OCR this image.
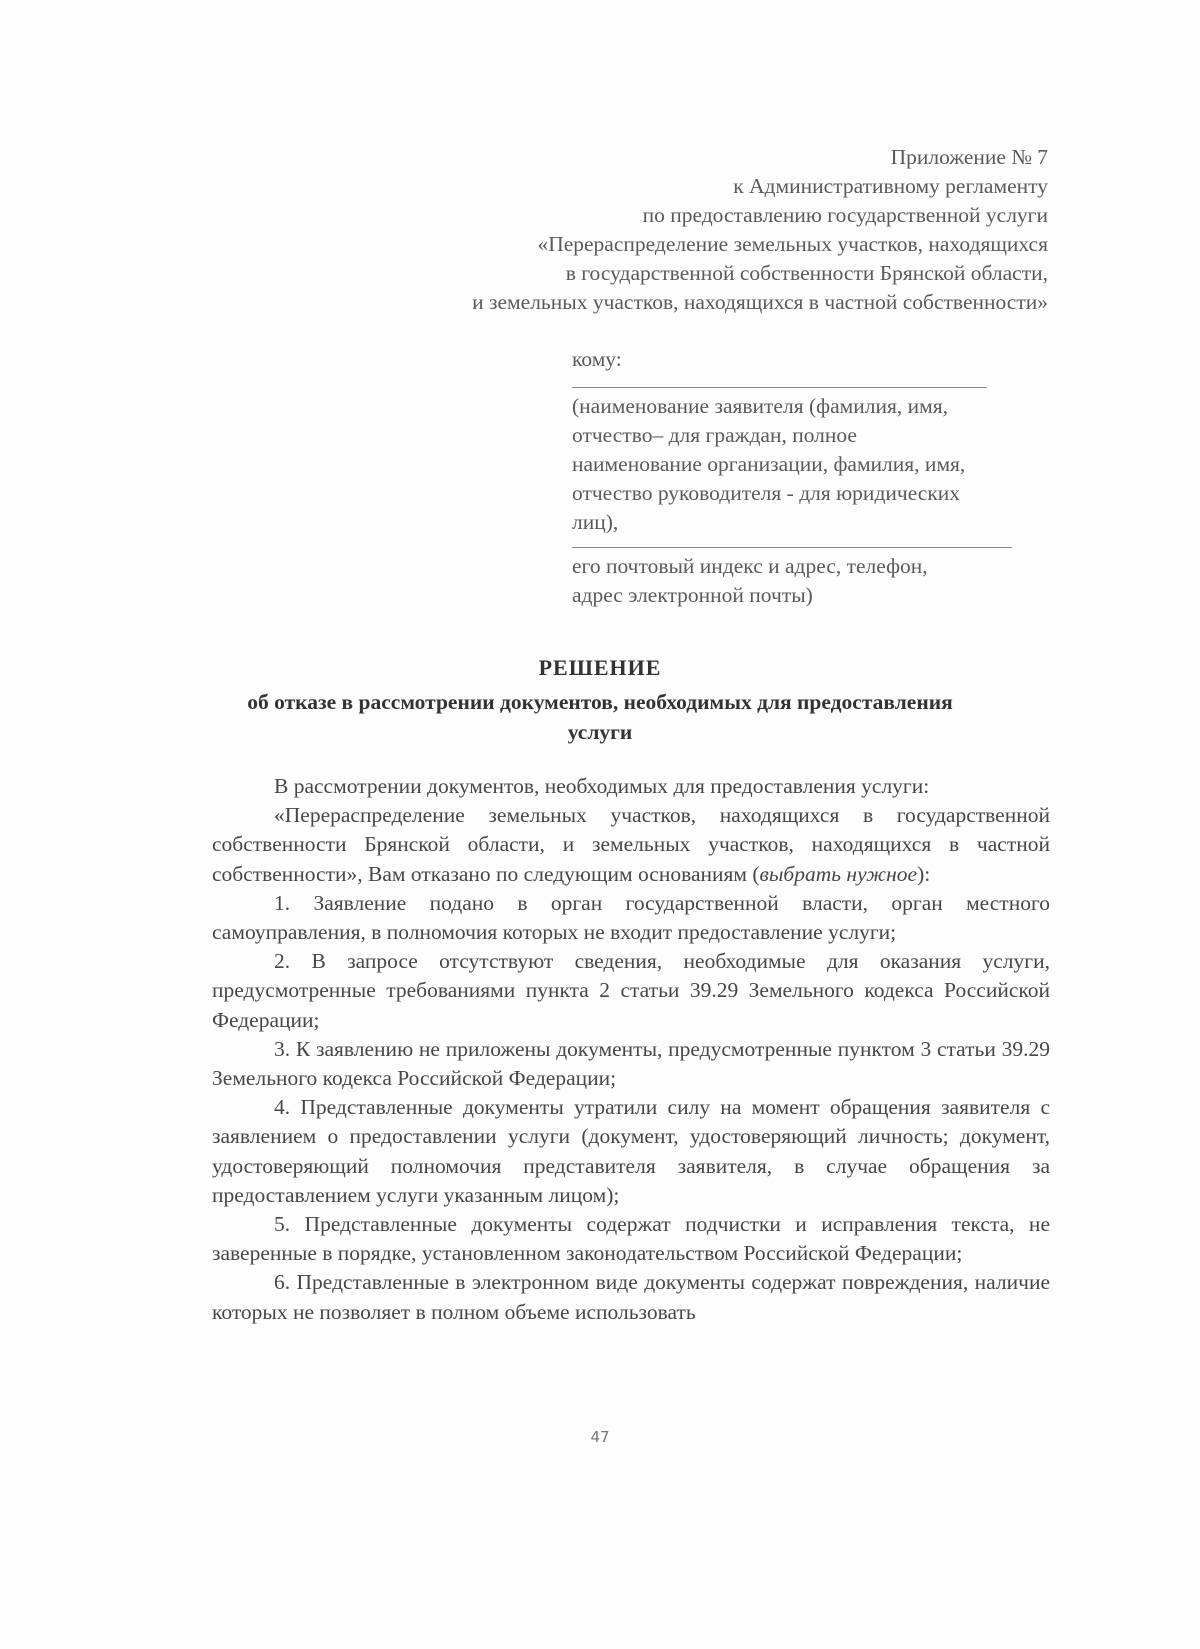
Приложение № 7
к Административному регламенту
по предоставлению государственной услуги
«Перераспределение земельных участков, находящихся
в государственной собственности Брянской области,
и земельных участков, находящихся в частной собственности»
кому:
(наименование заявителя (фамилия, имя,
отчество– для граждан, полное
наименование организации, фамилия, имя,
отчество руководителя - для юридических
лиц),
его почтовый индекс и адрес, телефон,
адрес электронной почты)
РЕШЕНИЕ
об отказе в рассмотрении документов, необходимых для предоставления
услуги

В рассмотрении документов, необходимых для предоставления услуги:

«Перераспределение земельных участков, находящихся в государственной собственности Брянской области, и земельных участков, находящихся в частной собственности», Вам отказано по следующим основаниям (выбрать нужное):

1. Заявление подано в орган государственной власти, орган местного самоуправления, в полномочия которых не входит предоставление услуги;

2. В запросе отсутствуют сведения, необходимые для оказания услуги, предусмотренные требованиями пункта 2 статьи 39.29 Земельного кодекса Российской Федерации;

3. К заявлению не приложены документы, предусмотренные пунктом 3 статьи 39.29 Земельного кодекса Российской Федерации;

4. Представленные документы утратили силу на момент обращения заявителя с заявлением о предоставлении услуги (документ, удостоверяющий личность; документ, удостоверяющий полномочия представителя заявителя, в случае обращения за предоставлением услуги указанным лицом);

5. Представленные документы содержат подчистки и исправления текста, не заверенные в порядке, установленном законодательством Российской Федерации;

6. Представленные в электронном виде документы содержат повреждения, наличие которых не позволяет в полном объеме использовать

47
